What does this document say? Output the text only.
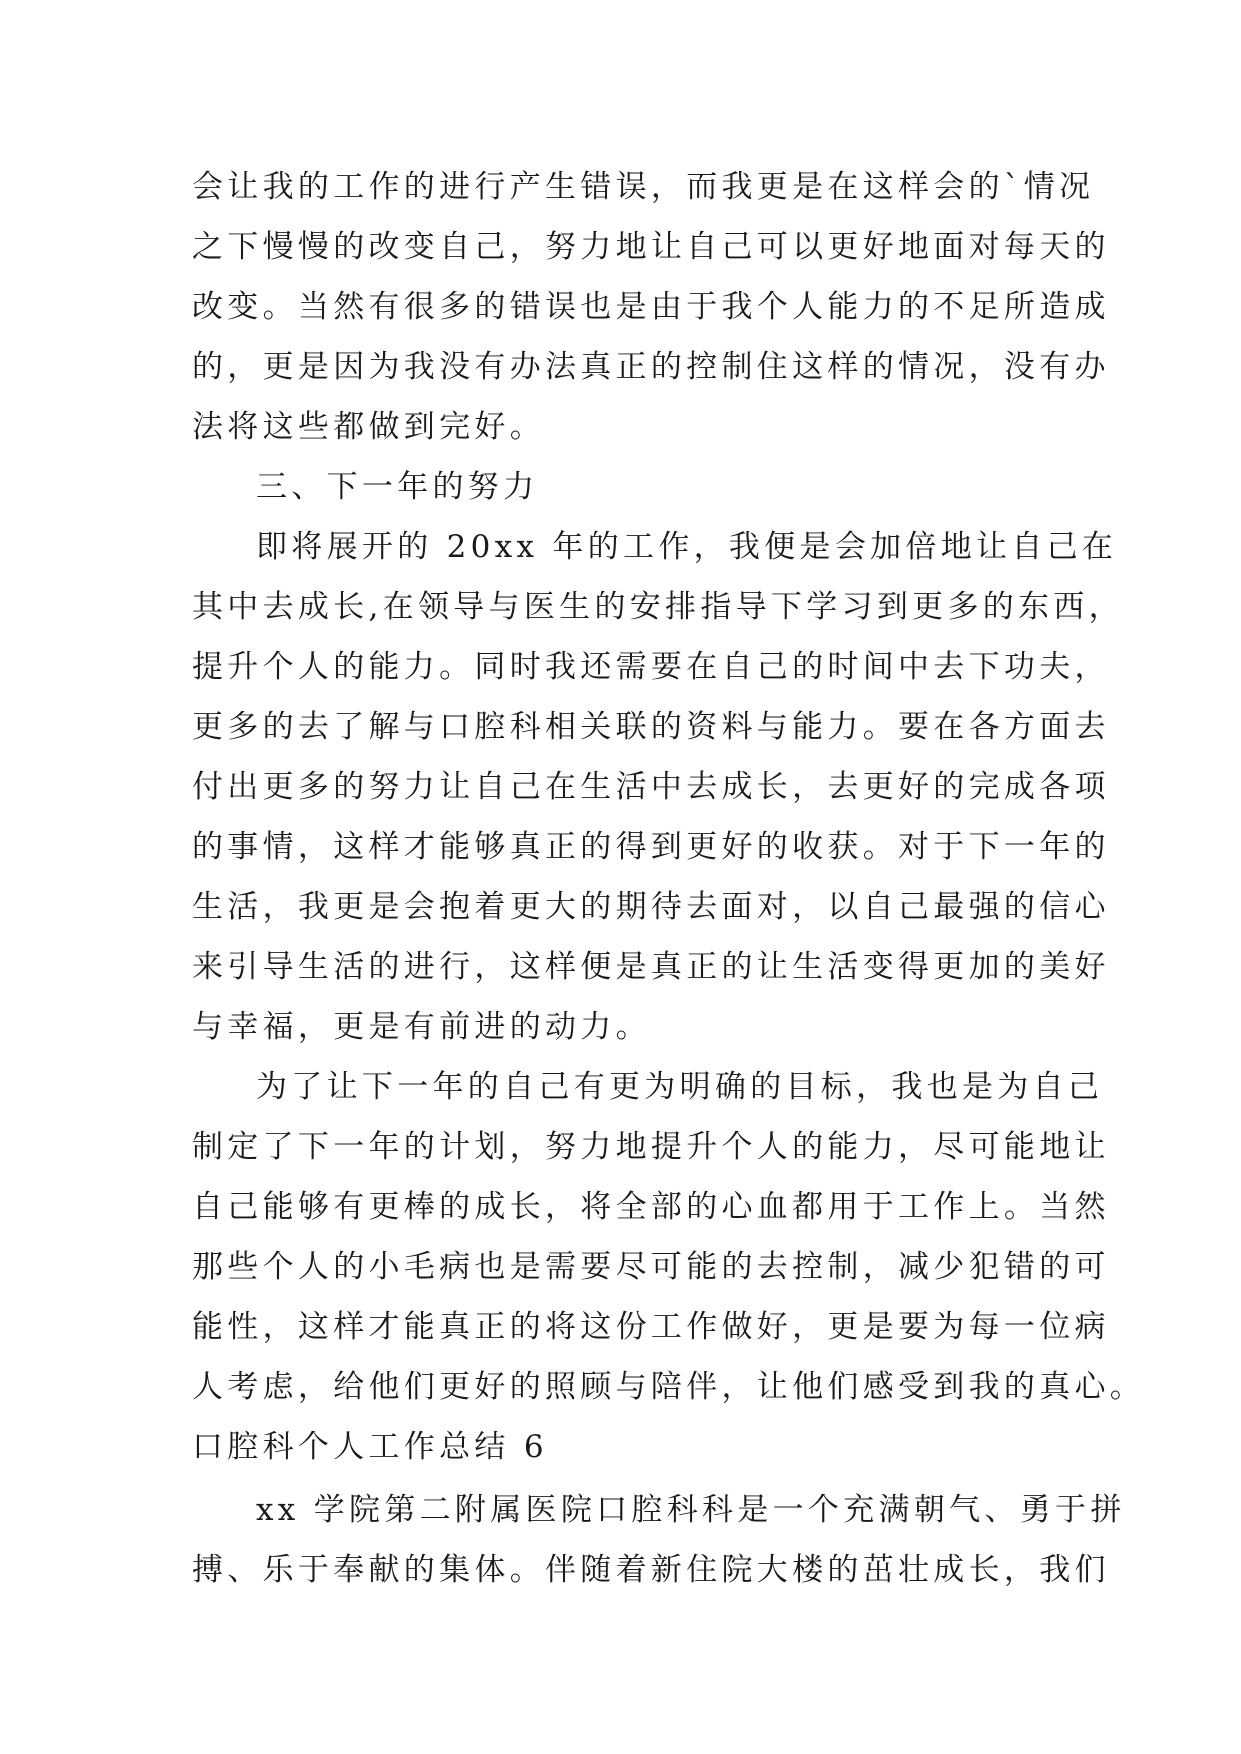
会让我的工作的进行产生错误，而我更是在这样会的`情况
之下慢慢的改变自己，努力地让自己可以更好地面对每天的
改变。当然有很多的错误也是由于我个人能力的不足所造成
的，更是因为我没有办法真正的控制住这样的情况，没有办
法将这些都做到完好。
三、下一年的努力
即将展开的 20xx 年的工作，我便是会加倍地让自己在
其中去成长,在领导与医生的安排指导下学习到更多的东西，
提升个人的能力。同时我还需要在自己的时间中去下功夫，
更多的去了解与口腔科相关联的资料与能力。要在各方面去
付出更多的努力让自己在生活中去成长，去更好的完成各项
的事情，这样才能够真正的得到更好的收获。对于下一年的
生活，我更是会抱着更大的期待去面对，以自己最强的信心
来引导生活的进行，这样便是真正的让生活变得更加的美好
与幸福，更是有前进的动力。
为了让下一年的自己有更为明确的目标，我也是为自己
制定了下一年的计划，努力地提升个人的能力，尽可能地让
自己能够有更棒的成长，将全部的心血都用于工作上。当然
那些个人的小毛病也是需要尽可能的去控制，减少犯错的可
能性，这样才能真正的将这份工作做好，更是要为每一位病
人考虑，给他们更好的照顾与陪伴，让他们感受到我的真心。
口腔科个人工作总结 6
xx 学院第二附属医院口腔科科是一个充满朝气、勇于拼
搏、乐于奉献的集体。伴随着新住院大楼的茁壮成长，我们
